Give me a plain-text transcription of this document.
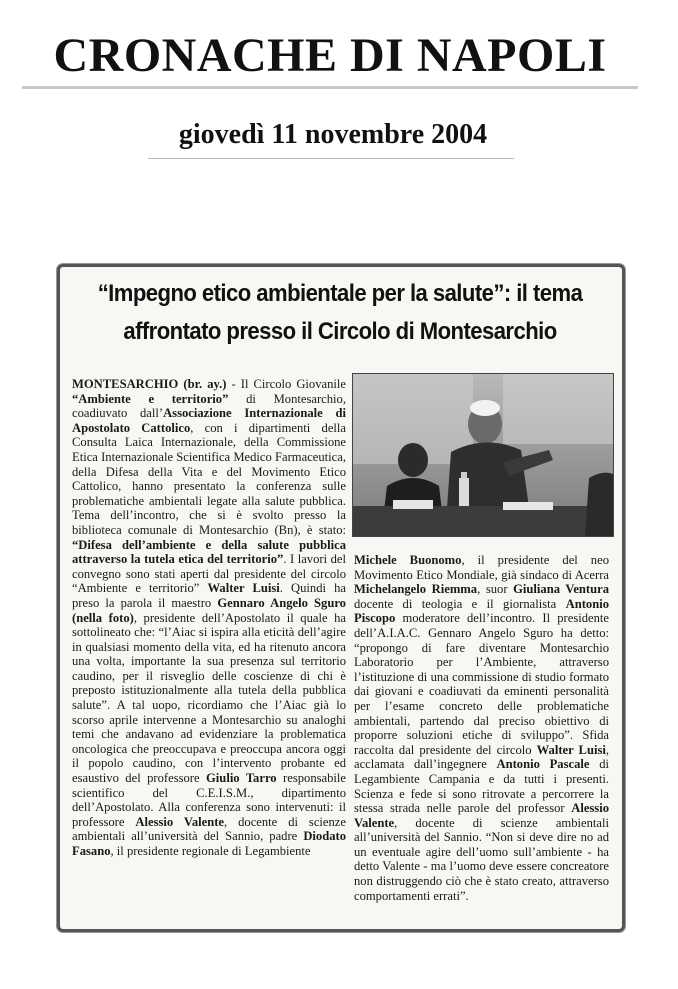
CRONACHE DI NAPOLI
giovedì 11 novembre 2004
“Impegno etico ambientale per la salute”: il tema
affrontato presso il Circolo di Montesarchio

MONTESARCHIO (br. ay.) - Il Circolo Giovanile “Ambiente e territorio” di Montesarchio, coadiuvato dall’Associazione Internazionale di Apostolato Cattolico, con i dipartimenti della Consulta Laica Internazionale, della Commissione Etica Internazionale Scientifica Medico Farmaceutica, della Difesa della Vita e del Movimento Etico Cattolico, hanno presentato la conferenza sulle problematiche ambientali legate alla salute pubblica. Tema dell’incontro, che si è svolto presso la biblioteca comunale di Montesarchio (Bn), è stato: “Difesa dell’ambiente e della salute pubblica attraverso la tutela etica del territorio”. I lavori del convegno sono stati aperti dal presidente del circolo “Ambiente e territorio” Walter Luisi. Quindi ha preso la parola il maestro Gennaro Angelo Sguro (nella foto), presidente dell’Apostolato il quale ha sottolineato che: “l’Aiac si ispira alla eticità dell’agire in qualsiasi momento della vita, ed ha ritenuto ancora una volta, importante la sua presenza sul territorio caudino, per il risveglio delle coscienze di chi è preposto istituzionalmente alla tutela della pubblica salute”. A tal uopo, ricordiamo che l’Aiac già lo scorso aprile intervenne a Montesarchio su analoghi temi che andavano ad evidenziare la problematica oncologica che preoccupava e preoccupa ancora oggi il popolo caudino, con l’intervento probante ed esaustivo del professore Giulio Tarro responsabile scientifico del C.E.I.S.M., dipartimento dell’Apostolato. Alla conferenza sono intervenuti: il professore Alessio Valente, docente di scienze ambientali all’università del Sannio, padre Diodato Fasano, il presidente regionale di Legambiente

Michele Buonomo, il presidente del neo Movimento Etico Mondiale, già sindaco di Acerra Michelangelo Riemma, suor Giuliana Ventura docente di teologia e il giornalista Antonio Piscopo moderatore dell’incontro. Il presidente dell’A.I.A.C. Gennaro Angelo Sguro ha detto: “propongo di fare diventare Montesarchio Laboratorio per l’Ambiente, attraverso l’istituzione di una commissione di studio formato dai giovani e coadiuvati da eminenti personalità per l’esame concreto delle problematiche ambientali, partendo dal preciso obiettivo di proporre soluzioni etiche di sviluppo”. Sfida raccolta dal presidente del circolo Walter Luisi, acclamata dall’ingegnere Antonio Pascale di Legambiente Campania e da tutti i presenti. Scienza e fede si sono ritrovate a percorrere la stessa strada nelle parole del professor Alessio Valente, docente di scienze ambientali all’università del Sannio. “Non si deve dire no ad un eventuale agire dell’uomo sull’ambiente - ha detto Valente - ma l’uomo deve essere concreatore non distruggendo ciò che è stato creato, attraverso comportamenti errati”.
